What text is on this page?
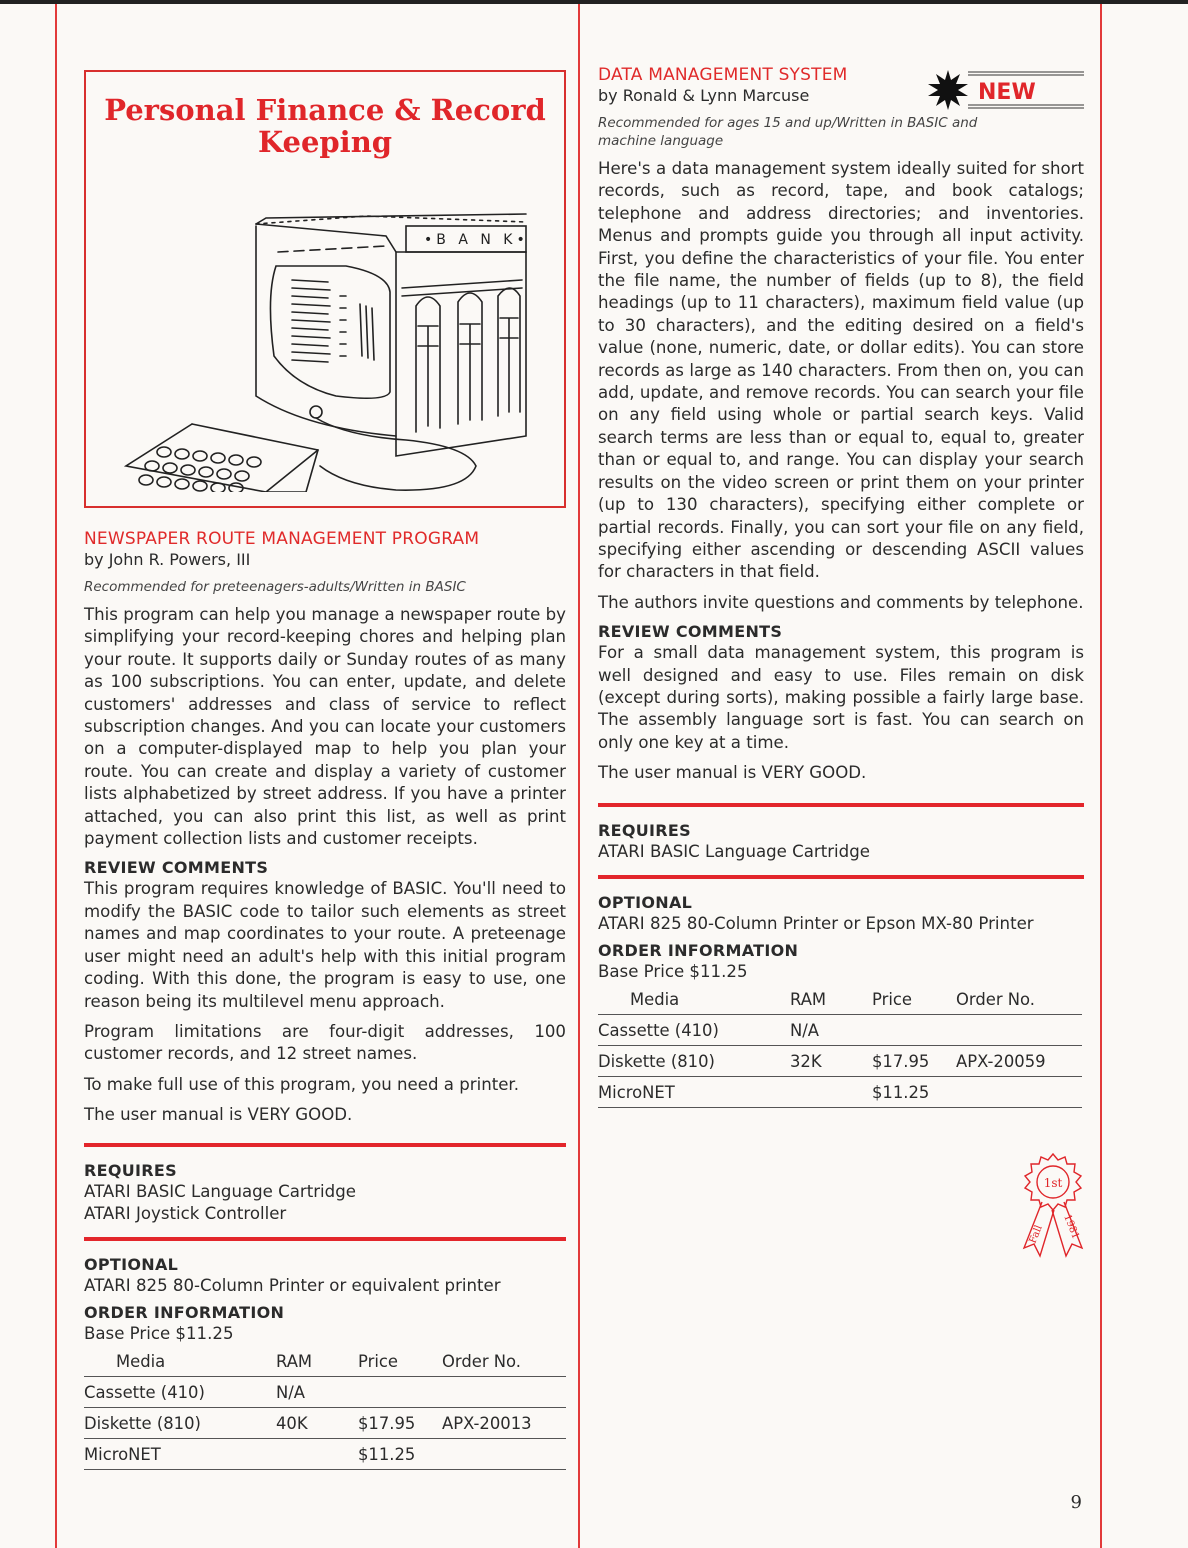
Personal Finance & Record Keeping
•B A N K•

NEWSPAPER ROUTE MANAGEMENT PROGRAM

by John R. Powers, III

Recommended for preteenagers-adults/Written in BASIC

This program can help you manage a newspaper route by simplifying your record-keeping chores and helping plan your route. It supports daily or Sunday routes of as many as 100 subscriptions. You can enter, update, and delete customers' addresses and class of service to reflect subscription changes. And you can locate your customers on a computer-displayed map to help you plan your route. You can create and display a variety of customer lists alphabetized by street address. If you have a printer attached, you can also print this list, as well as print payment collection lists and customer receipts.

REVIEW COMMENTS

This program requires knowledge of BASIC. You'll need to modify the BASIC code to tailor such elements as street names and map coordinates to your route. A preteenage user might need an adult's help with this initial program coding. With this done, the program is easy to use, one reason being its multilevel menu approach.

Program limitations are four-digit addresses, 100 customer records, and 12 street names.

To make full use of this program, you need a printer.

The user manual is VERY GOOD.

REQUIRES

ATARI BASIC Language Cartridge

ATARI Joystick Controller

OPTIONAL

ATARI 825 80-Column Printer or equivalent printer

ORDER INFORMATION

Base Price $11.25

Media	RAM	Price	Order No.
Cassette (410)	N/A		
Diskette (810)	40K	$17.95	APX-20013
MicroNET		$11.25	
NEW

DATA MANAGEMENT SYSTEM

by Ronald & Lynn Marcuse

Recommended for ages 15 and up/Written in BASIC and machine language

Here's a data management system ideally suited for short records, such as record, tape, and book catalogs; telephone and address directories; and inventories. Menus and prompts guide you through all input activity. First, you define the characteristics of your file. You enter the file name, the number of fields (up to 8), the field headings (up to 11 characters), maximum field value (up to 30 characters), and the editing desired on a field's value (none, numeric, date, or dollar edits). You can store records as large as 140 characters. From then on, you can add, update, and remove records. You can search your file on any field using whole or partial search keys. Valid search terms are less than or equal to, equal to, greater than or equal to, and range. You can display your search results on the video screen or print them on your printer (up to 130 characters), specifying either complete or partial records. Finally, you can sort your file on any field, specifying either ascending or descending ASCII values for characters in that field.

The authors invite questions and comments by telephone.

REVIEW COMMENTS

For a small data management system, this program is well designed and easy to use. Files remain on disk (except during sorts), making possible a fairly large base. The assembly language sort is fast. You can search on only one key at a time.

The user manual is VERY GOOD.

REQUIRES

ATARI BASIC Language Cartridge

OPTIONAL

ATARI 825 80-Column Printer or Epson MX-80 Printer

ORDER INFORMATION

Base Price $11.25

Media	RAM	Price	Order No.
Cassette (410)	N/A		
Diskette (810)	32K	$17.95	APX-20059
MicroNET		$11.25	
1st
Fall 1981
9
